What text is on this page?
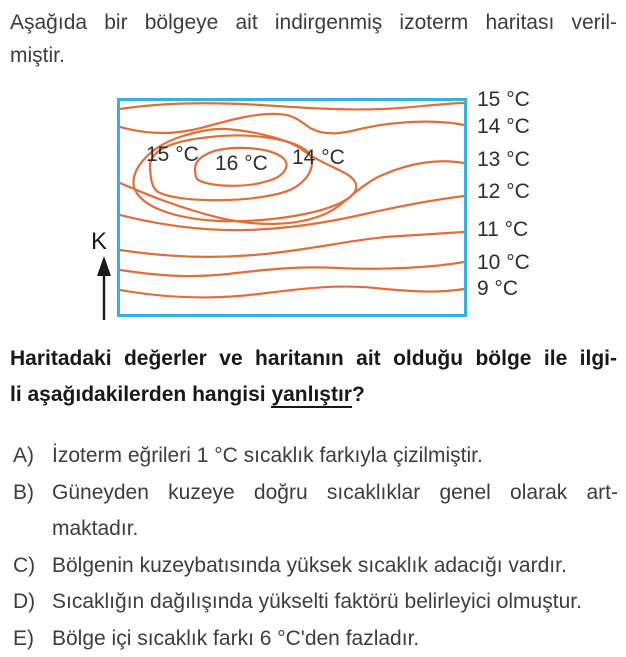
Aşağıda bir bölgeye ait indirgenmiş izoterm haritası veril-
miştir.
15 °C 16 °C 14 °C
15 °C
14 °C
13 °C
12 °C
11 °C
10 °C
9 °C
K
Haritadaki değerler ve haritanın ait olduğu bölge ile ilgi-
li aşağıdakilerden hangisi yanlıştır?
A) İzoterm eğrileri 1 °C sıcaklık farkıyla çizilmiştir.
B) Güneyden kuzeye doğru sıcaklıklar genel olarak art-
maktadır.
C) Bölgenin kuzeybatısında yüksek sıcaklık adacığı vardır.
D) Sıcaklığın dağılışında yükselti faktörü belirleyici olmuştur.
E) Bölge içi sıcaklık farkı 6 °C'den fazladır.
